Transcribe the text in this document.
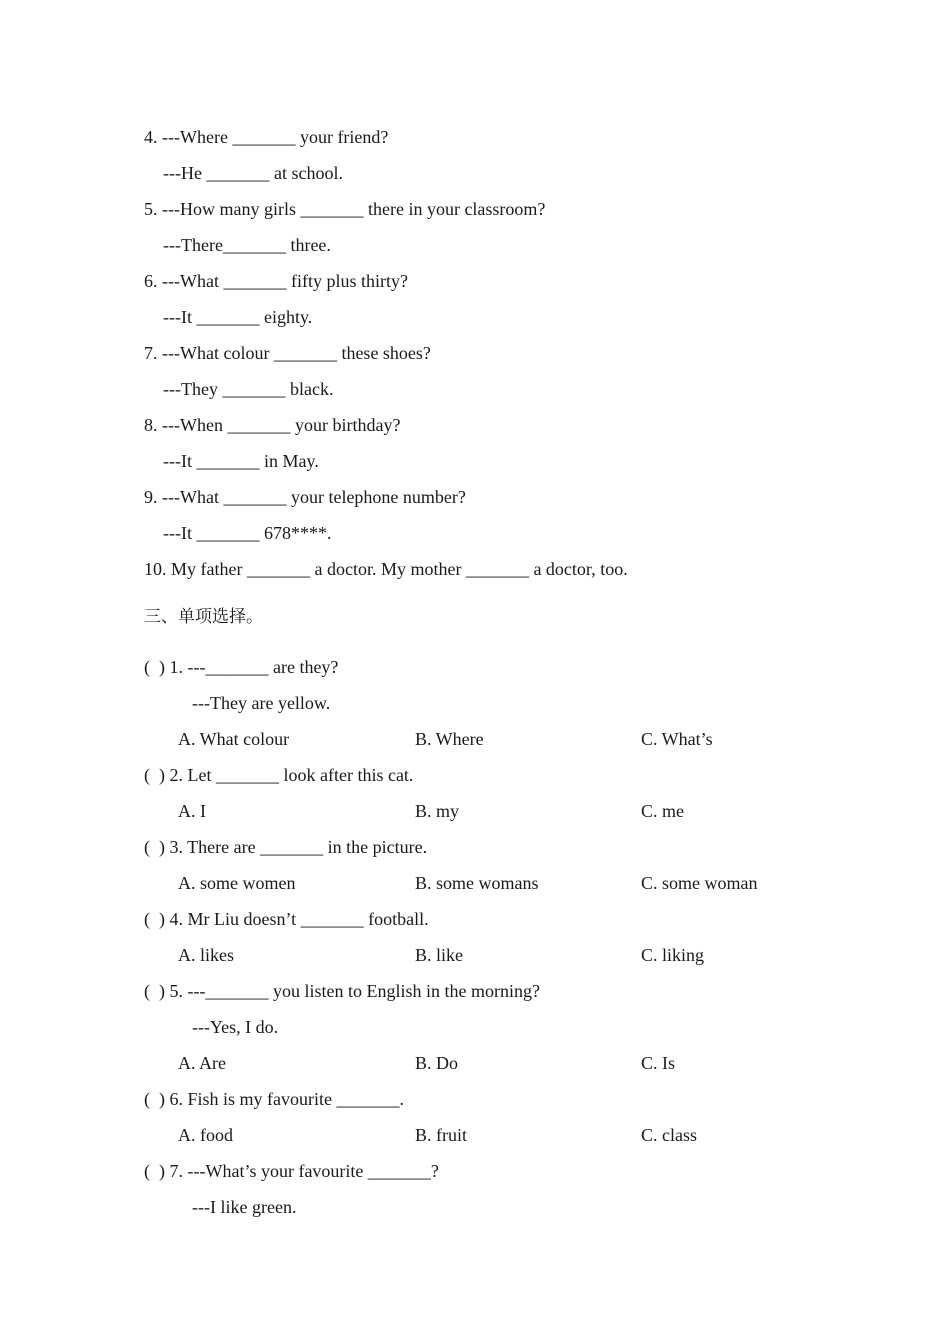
4. ---Where _______ your friend?
---He _______ at school.
5. ---How many girls _______ there in your classroom?
---There_______ three.
6. ---What _______ fifty plus thirty?
---It _______ eighty.
7. ---What colour _______ these shoes?
---They _______ black.
8. ---When _______ your birthday?
---It _______ in May.
9. ---What _______ your telephone number?
---It _______ 678****.
10. My father _______ a doctor. My mother _______ a doctor, too.
三、单项选择。
(  ) 1. ---_______ are they?
---They are yellow.
A. What colour	B. Where	C. What’s
(  ) 2. Let _______ look after this cat.
A. I	B. my	C. me
(  ) 3. There are _______ in the picture.
A. some women	B. some womans	C. some woman
(  ) 4. Mr Liu doesn’t _______ football.
A. likes	B. like	C. liking
(  ) 5. ---_______ you listen to English in the morning?
---Yes, I do.
A. Are	B. Do	C. Is
(  ) 6. Fish is my favourite _______.
A. food	B. fruit	C. class
(  ) 7. ---What’s your favourite _______?
---I like green.
